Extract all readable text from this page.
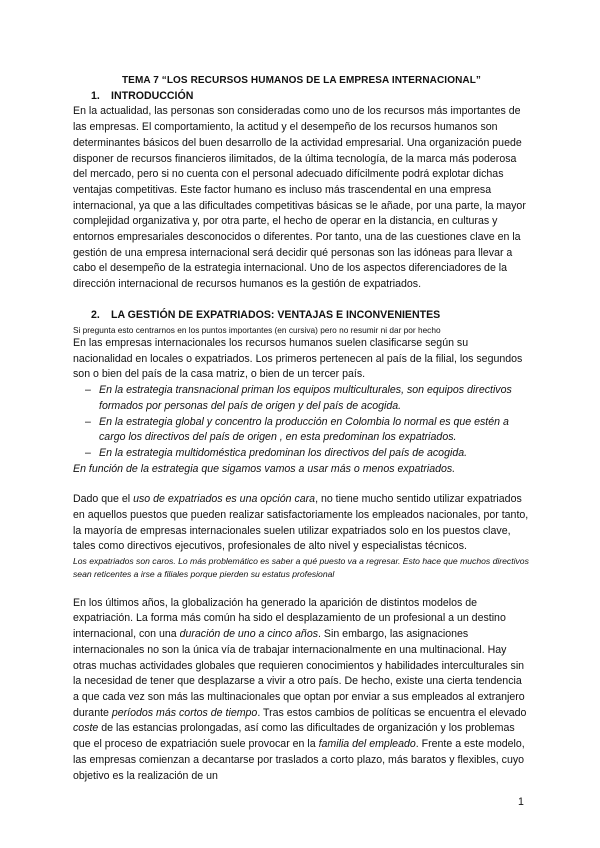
TEMA 7 “LOS RECURSOS HUMANOS DE LA EMPRESA INTERNACIONAL”

1. INTRODUCCIÓN

En la actualidad, las personas son consideradas como uno de los recursos más importantes de las empresas. El comportamiento, la actitud y el desempeño de los recursos humanos son determinantes básicos del buen desarrollo de la actividad empresarial. Una organización puede disponer de recursos financieros ilimitados, de la última tecnología, de la marca más poderosa del mercado, pero si no cuenta con el personal adecuado difícilmente podrá explotar dichas ventajas competitivas. Este factor humano es incluso más trascendental en una empresa internacional, ya que a las dificultades competitivas básicas se le añade, por una parte, la mayor complejidad organizativa y, por otra parte, el hecho de operar en la distancia, en culturas y entornos empresariales desconocidos o diferentes. Por tanto, una de las cuestiones clave en la gestión de una empresa internacional será decidir qué personas son las idóneas para llevar a cabo el desempeño de la estrategia internacional. Uno de los aspectos diferenciadores de la dirección internacional de recursos humanos es la gestión de expatriados.

2. LA GESTIÓN DE EXPATRIADOS: VENTAJAS E INCONVENIENTES

Si pregunta esto centrarnos en los puntos importantes (en cursiva) pero no resumir ni dar por hecho

En las empresas internacionales los recursos humanos suelen clasificarse según su nacionalidad en locales o expatriados. Los primeros pertenecen al país de la filial, los segundos son o bien del país de la casa matriz, o bien de un tercer país.

– En la estrategia transnacional priman los equipos multiculturales, son equipos directivos formados por personas del país de origen y del país de acogida.
– En la estrategia global y concentro la producción en Colombia lo normal es que estén a cargo los directivos del país de origen , en esta predominan los expatriados.
– En la estrategia multidoméstica predominan los directivos del país de acogida.

En función de la estrategia que sigamos vamos a usar más o menos expatriados.

Dado que el uso de expatriados es una opción cara, no tiene mucho sentido utilizar expatriados en aquellos puestos que pueden realizar satisfactoriamente los empleados nacionales, por tanto, la mayoría de empresas internacionales suelen utilizar expatriados solo en los puestos clave, tales como directivos ejecutivos, profesionales de alto nivel y especialistas técnicos.

Los expatriados son caros. Lo más problemático es saber a qué puesto va a regresar. Esto hace que muchos directivos sean reticentes a irse a filiales porque pierden su estatus profesional

En los últimos años, la globalización ha generado la aparición de distintos modelos de expatriación. La forma más común ha sido el desplazamiento de un profesional a un destino internacional, con una duración de uno a cinco años. Sin embargo, las asignaciones internacionales no son la única vía de trabajar internacionalmente en una multinacional. Hay otras muchas actividades globales que requieren conocimientos y habilidades interculturales sin la necesidad de tener que desplazarse a vivir a otro país. De hecho, existe una cierta tendencia a que cada vez son más las multinacionales que optan por enviar a sus empleados al extranjero durante períodos más cortos de tiempo. Tras estos cambios de políticas se encuentra el elevado coste de las estancias prolongadas, así como las dificultades de organización y los problemas que el proceso de expatriación suele provocar en la familia del empleado. Frente a este modelo, las empresas comienzan a decantarse por traslados a corto plazo, más baratos y flexibles, cuyo objetivo es la realización de un

1
